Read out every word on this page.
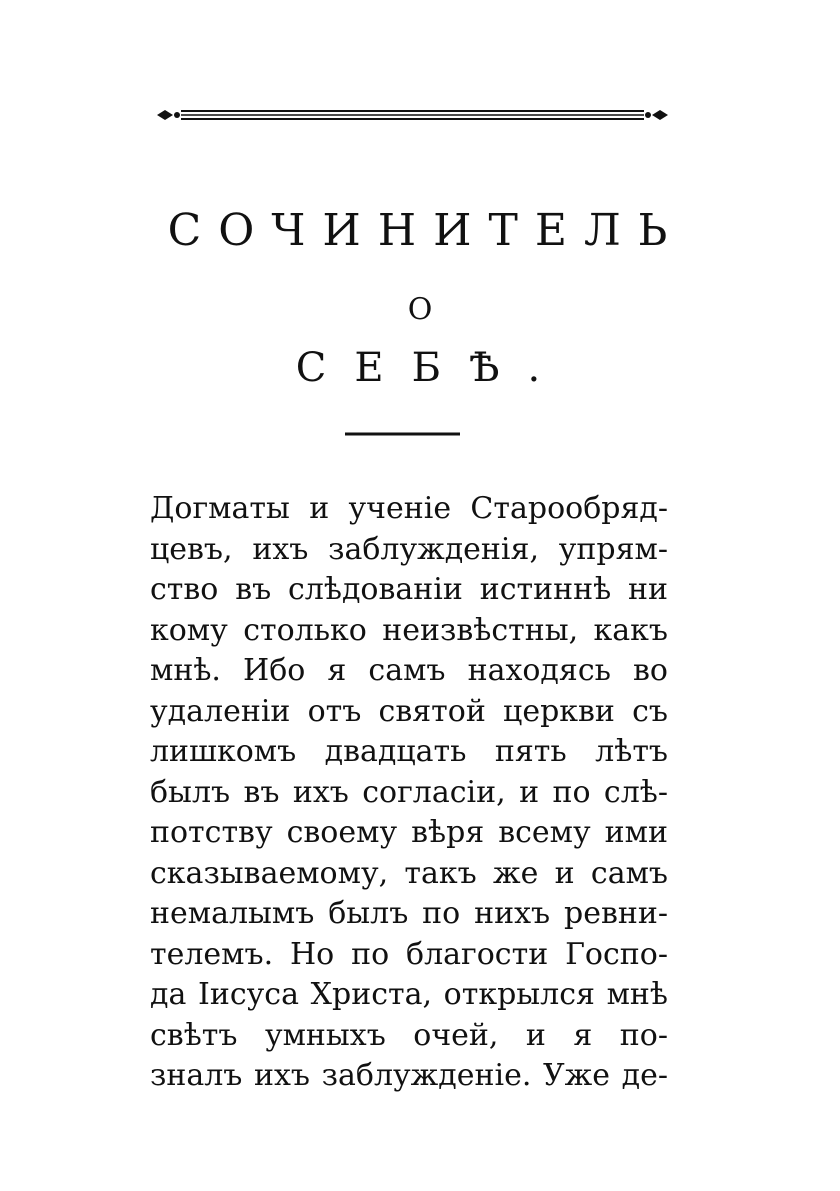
СОЧИНИТЕЛЬ
О
СЕБѢ.
Догматы и ученіе Старообряд-
цевъ, ихъ заблужденія, упрям-
ство въ слѣдованіи истиннѣ ни
кому столько неизвѣстны, какъ
мнѣ. Ибо я самъ находясь во
удаленіи отъ святой церкви съ
лишкомъ двадцать пять лѣтъ
былъ въ ихъ согласіи, и по слѣ-
потству своему вѣря всему ими
сказываемому, такъ же и самъ
немалымъ былъ по нихъ ревни-
телемъ. Но по благости Госпо-
да Іисуса Христа, открылся мнѣ
свѣтъ умныхъ очей, и я по-
зналъ ихъ заблужденіе. Уже де-
